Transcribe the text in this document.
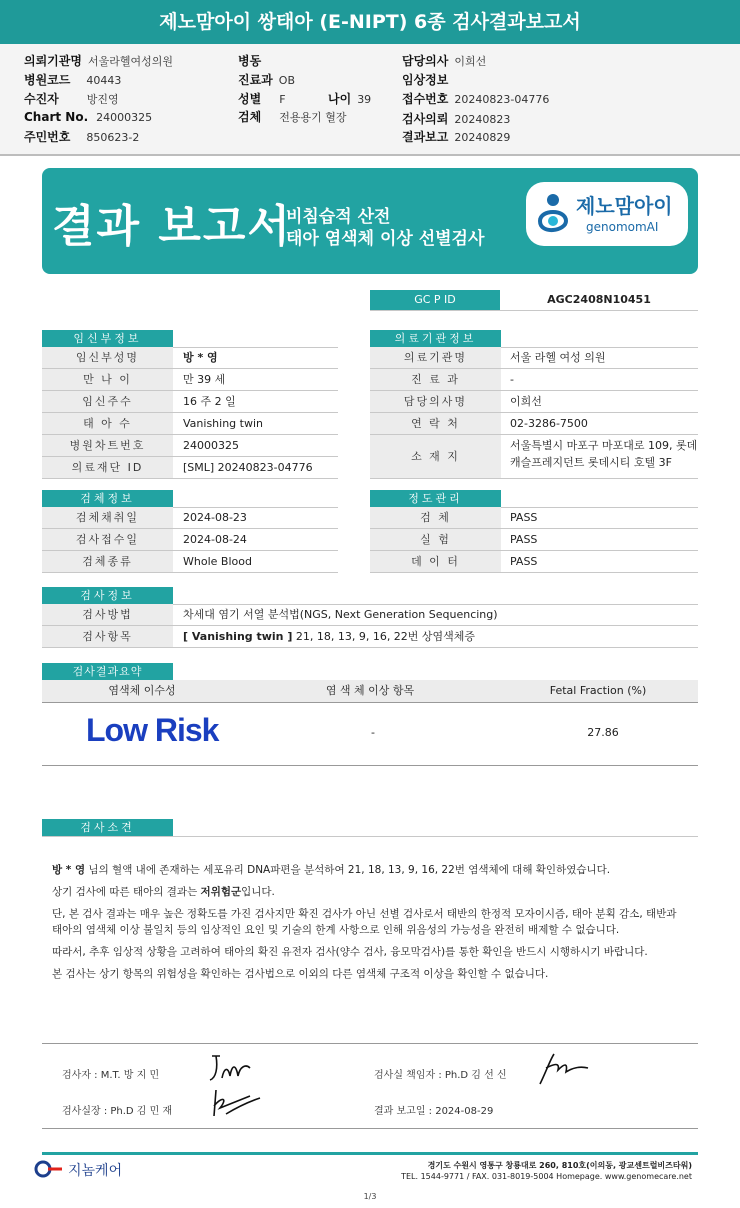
제노맘아이 쌍태아 (E-NIPT) 6종 검사결과보고서
의뢰기관명 서울라헬여성의원
병원코드 40443
수진자	방진영
Chart No. 24000325
주민번호 850623-2
병동
진료과 OB
성별 F	나이 39
검체 전용용기 혈장
담당의사 이희선
임상정보
접수번호 20240823-04776
검사의뢰 20240823
결과보고 20240829
결과 보고서
비침습적 산전
태아 염색체 이상 선별검사
제노맘아이
genomomAI
GC P ID	AGC2408N10451
임신부정보	의료기관정보
임신부성명	방 * 영
만 나 이	만 39 세
임신주수	16 주 2 일
태 아 수	Vanishing twin
병원차트번호	24000325
의료재단 ID	[SML] 20240823-04776
의료기관명	서울 라헬 여성 의원
진 료 과	-
담당의사명	이희선
연 락 처	02-3286-7500
소 재 지
서울특별시 마포구 마포대로 109, 롯데
캐슬프레지던트 롯데시티 호텔 3F
검체정보	정도관리
검체채취일	2024-08-23
검사접수일	2024-08-24
검체종류	Whole Blood
검 체	PASS
실 험	PASS
데 이 터	PASS
검사정보
검사방법	차세대 염기 서열 분석법(NGS, Next Generation Sequencing)
검사항목	[ Vanishing twin ] 21, 18, 13, 9, 16, 22번 상염색체증
검사결과요약
염색체 이수성	염 색 체 이상 항목	Fetal Fraction (%)
Low Risk	-	27.86
검사소견
방 * 영 님의 혈액 내에 존재하는 세포유리 DNA파편을 분석하여 21, 18, 13, 9, 16, 22번 염색체에 대해 확인하였습니다.
상기 검사에 따른 태아의 결과는 저위험군입니다.
단, 본 검사 결과는 매우 높은 정확도를 가진 검사지만 확진 검사가 아닌 선별 검사로서 태반의 한정적 모자이시즘, 태아 분획 감소, 태반과
태아의 염색체 이상 불일치 등의 임상적인 요인 및 기술의 한계 사항으로 인해 위음성의 가능성을 완전히 배제할 수 없습니다.
따라서, 추후 임상적 상황을 고려하여 태아의 확진 유전자 검사(양수 검사, 융모막검사)를 통한 확인을 반드시 시행하시기 바랍니다.
본 검사는 상기 항목의 위험성을 확인하는 검사법으로 이외의 다른 염색체 구조적 이상을 확인할 수 없습니다.
검사자 : M.T. 방 지 민
검사실장 : Ph.D 김 민 재
검사실 책임자 : Ph.D 김 선 신
결과 보고일 : 2024-08-29
지놈케어	경기도 수원시 영통구 창룡대로 260, 810호(이의동, 광교센트럴비즈타워)
TEL. 1544-9771 / FAX. 031-8019-5004 Homepage. www.genomecare.net
1/3
